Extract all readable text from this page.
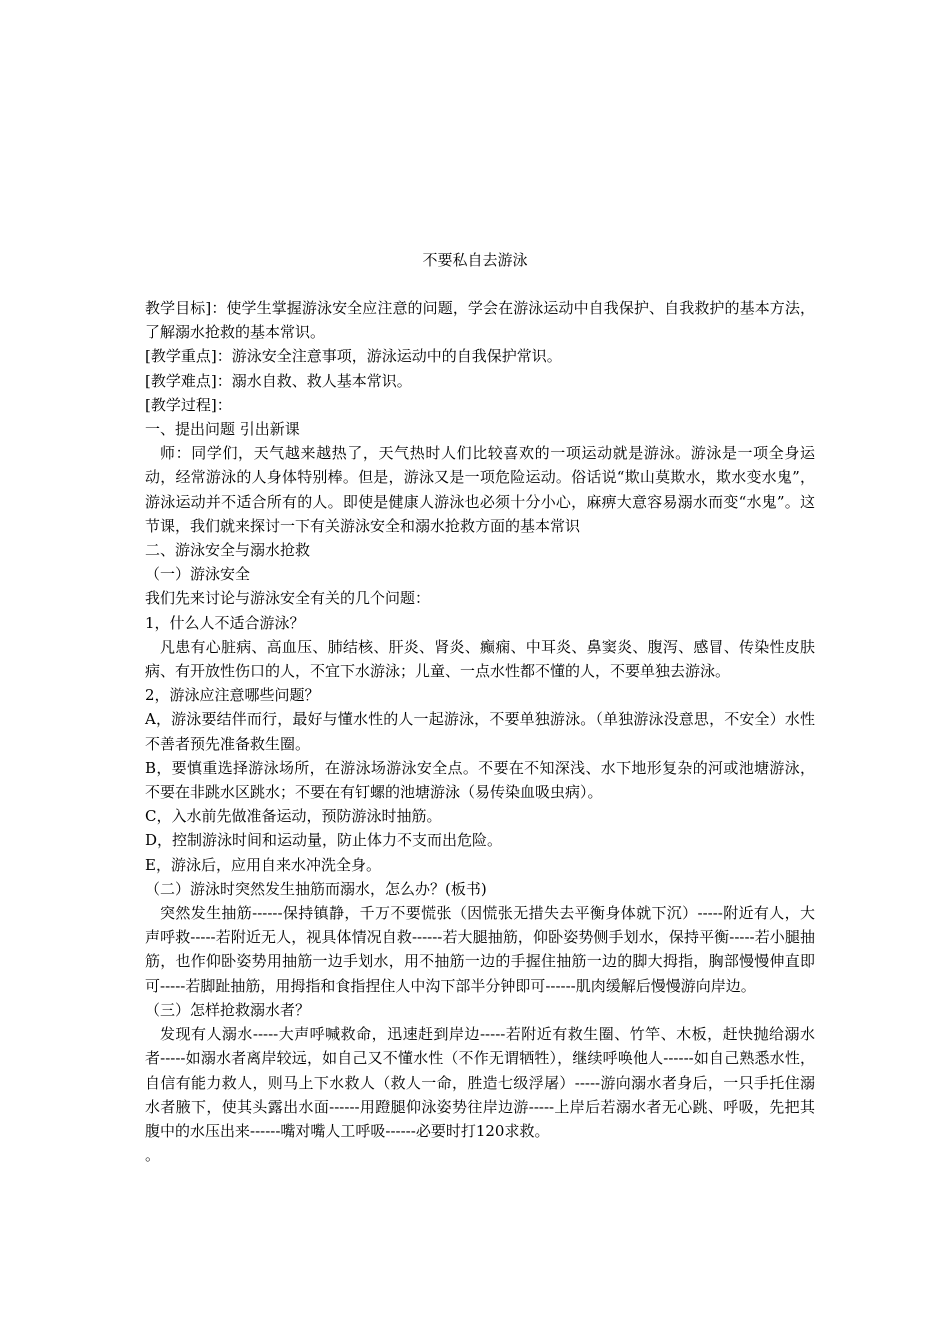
不要私自去游泳

教学目标]：使学生掌握游泳安全应注意的问题，学会在游泳运动中自我保护、自我救护的基本方法，了解溺水抢救的基本常识。

[教学重点]：游泳安全注意事项，游泳运动中的自我保护常识。

[教学难点]：溺水自救、救人基本常识。

[教学过程]：

一、提出问题 引出新课

师：同学们，天气越来越热了，天气热时人们比较喜欢的一项运动就是游泳。游泳是一项全身运动，经常游泳的人身体特别棒。但是，游泳又是一项危险运动。俗话说“欺山莫欺水，欺水变水鬼”，游泳运动并不适合所有的人。即使是健康人游泳也必须十分小心，麻痹大意容易溺水而变“水鬼”。这节课，我们就来探讨一下有关游泳安全和溺水抢救方面的基本常识

二、游泳安全与溺水抢救

（一）游泳安全

我们先来讨论与游泳安全有关的几个问题：

1，什么人不适合游泳？

凡患有心脏病、高血压、肺结核、肝炎、肾炎、癫痫、中耳炎、鼻窦炎、腹泻、感冒、传染性皮肤病、有开放性伤口的人，不宜下水游泳；儿童、一点水性都不懂的人，不要单独去游泳。

2，游泳应注意哪些问题？

A，游泳要结伴而行，最好与懂水性的人一起游泳，不要单独游泳。（单独游泳没意思，不安全）水性不善者预先准备救生圈。

B，要慎重选择游泳场所，在游泳场游泳安全点。不要在不知深浅、水下地形复杂的河或池塘游泳，不要在非跳水区跳水；不要在有钉螺的池塘游泳（易传染血吸虫病）。

C，入水前先做准备运动，预防游泳时抽筋。

D，控制游泳时间和运动量，防止体力不支而出危险。

E，游泳后，应用自来水冲洗全身。

（二）游泳时突然发生抽筋而溺水，怎么办？(板书)

突然发生抽筋------保持镇静，千万不要慌张（因慌张无措失去平衡身体就下沉）-----附近有人，大声呼救-----若附近无人，视具体情况自救------若大腿抽筋，仰卧姿势侧手划水，保持平衡-----若小腿抽筋，也作仰卧姿势用抽筋一边手划水，用不抽筋一边的手握住抽筋一边的脚大拇指，胸部慢慢伸直即可-----若脚趾抽筋，用拇指和食指捏住人中沟下部半分钟即可------肌肉缓解后慢慢游向岸边。

（三）怎样抢救溺水者？

发现有人溺水-----大声呼喊救命，迅速赶到岸边-----若附近有救生圈、竹竿、木板，赶快抛给溺水者-----如溺水者离岸较远，如自己又不懂水性（不作无谓牺牲），继续呼唤他人------如自己熟悉水性，自信有能力救人，则马上下水救人（救人一命，胜造七级浮屠）-----游向溺水者身后，一只手托住溺水者腋下，使其头露出水面------用蹬腿仰泳姿势往岸边游-----上岸后若溺水者无心跳、呼吸，先把其腹中的水压出来------嘴对嘴人工呼吸------必要时打120求救。

。
